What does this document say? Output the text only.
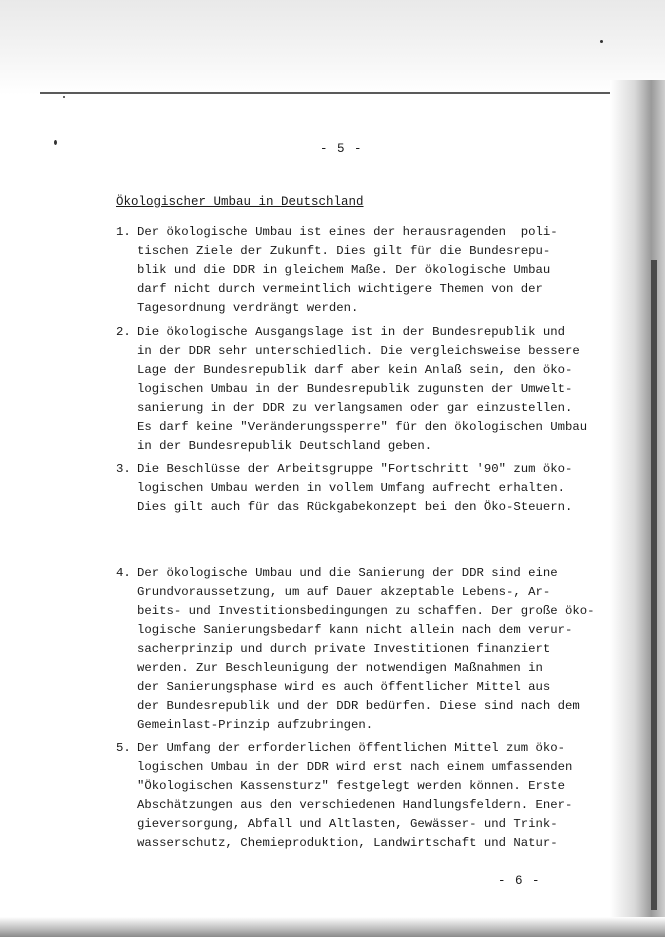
- 5 -
Ökologischer Umbau in Deutschland
1. Der ökologische Umbau ist eines der herausragenden  poli-
tischen Ziele der Zukunft. Dies gilt für die Bundesrepu-
blik und die DDR in gleichem Maße. Der ökologische Umbau
darf nicht durch vermeintlich wichtigere Themen von der
Tagesordnung verdrängt werden.
2. Die ökologische Ausgangslage ist in der Bundesrepublik und
in der DDR sehr unterschiedlich. Die vergleichsweise bessere
Lage der Bundesrepublik darf aber kein Anlaß sein, den öko-
logischen Umbau in der Bundesrepublik zugunsten der Umwelt-
sanierung in der DDR zu verlangsamen oder gar einzustellen.
Es darf keine "Veränderungssperre" für den ökologischen Umbau
in der Bundesrepublik Deutschland geben.
3. Die Beschlüsse der Arbeitsgruppe "Fortschritt '90" zum öko-
logischen Umbau werden in vollem Umfang aufrecht erhalten.
Dies gilt auch für das Rückgabekonzept bei den Öko-Steuern.
4. Der ökologische Umbau und die Sanierung der DDR sind eine
Grundvoraussetzung, um auf Dauer akzeptable Lebens-, Ar-
beits- und Investitionsbedingungen zu schaffen. Der große öko-
logische Sanierungsbedarf kann nicht allein nach dem verur-
sacherprinzip und durch private Investitionen finanziert
werden. Zur Beschleunigung der notwendigen Maßnahmen in
der Sanierungsphase wird es auch öffentlicher Mittel aus
der Bundesrepublik und der DDR bedürfen. Diese sind nach dem
Gemeinlast-Prinzip aufzubringen.
5. Der Umfang der erforderlichen öffentlichen Mittel zum öko-
logischen Umbau in der DDR wird erst nach einem umfassenden
"Ökologischen Kassensturz" festgelegt werden können. Erste
Abschätzungen aus den verschiedenen Handlungsfeldern. Ener-
gieversorgung, Abfall und Altlasten, Gewässer- und Trink-
wasserschutz, Chemieproduktion, Landwirtschaft und Natur-
- 6 -
